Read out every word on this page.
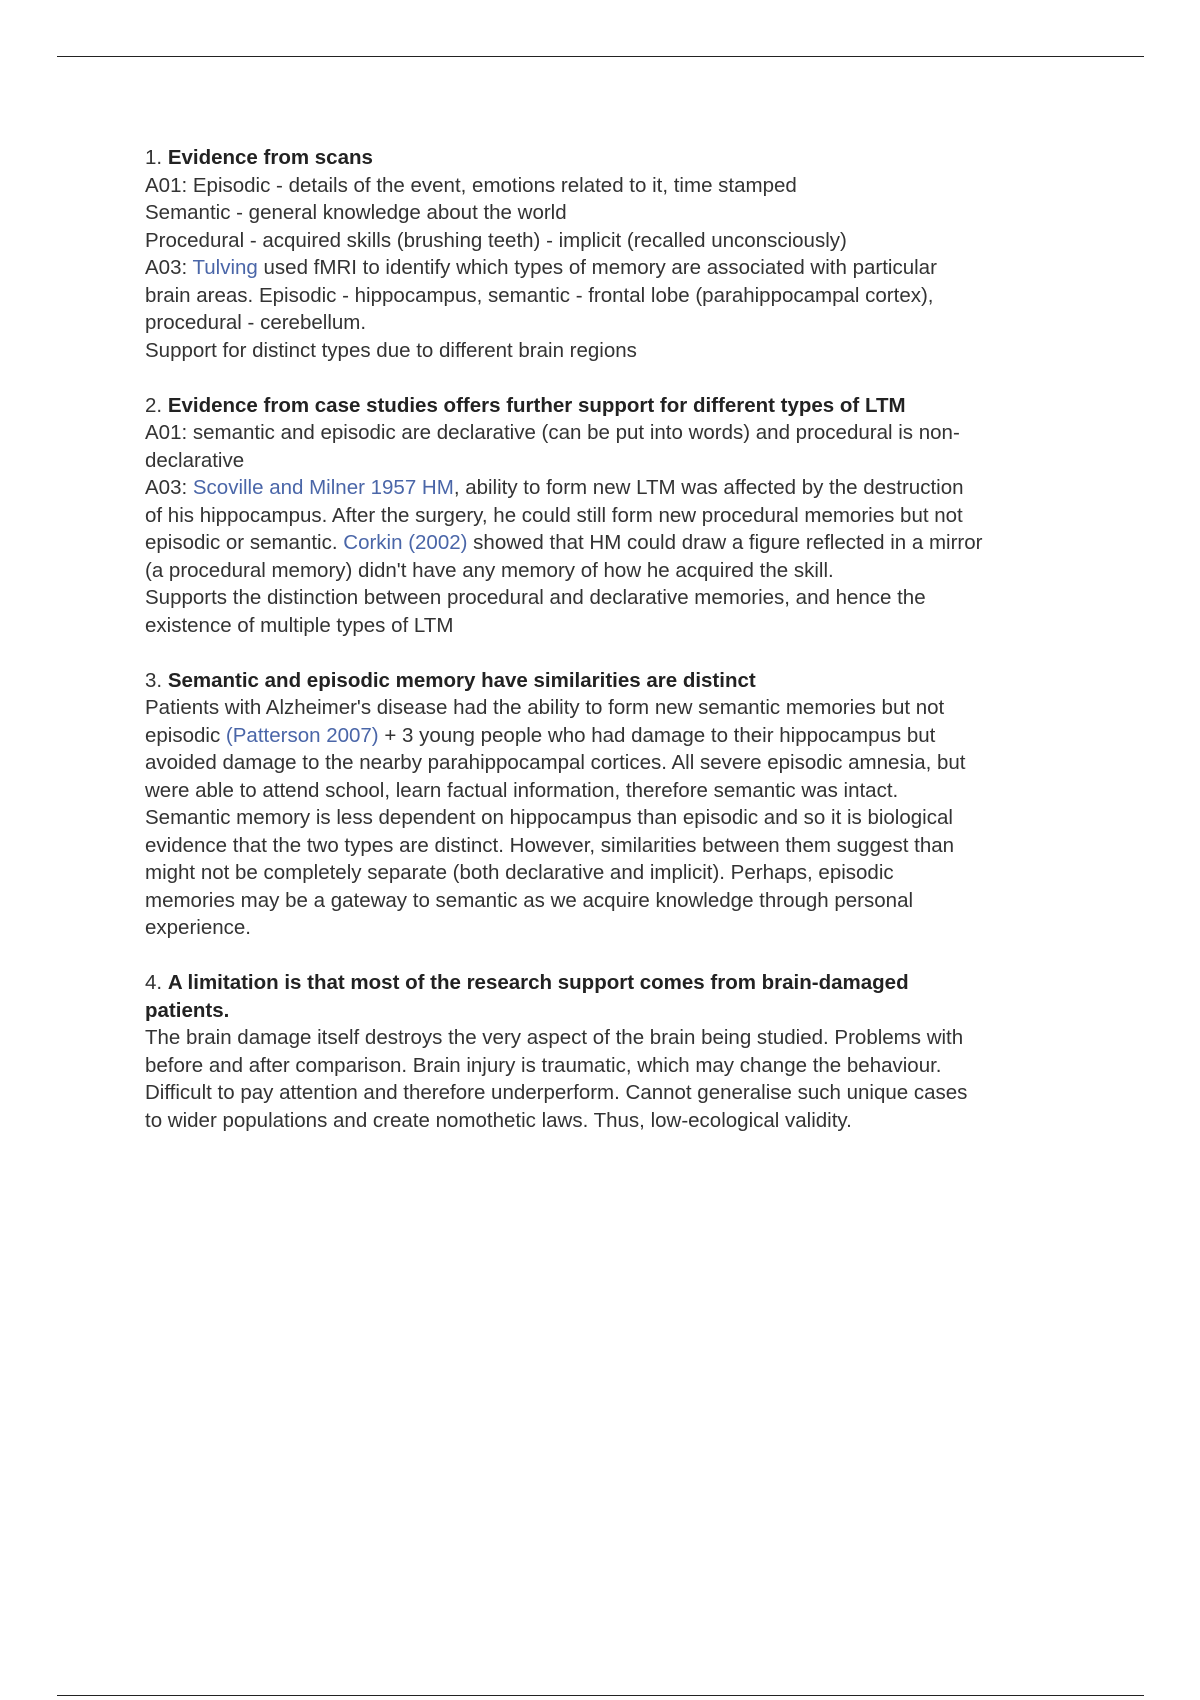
1. Evidence from scans
A01: Episodic - details of the event, emotions related to it, time stamped
Semantic - general knowledge about the world
Procedural - acquired skills (brushing teeth) - implicit (recalled unconsciously)
A03: Tulving used fMRI to identify which types of memory are associated with particular
brain areas. Episodic - hippocampus, semantic - frontal lobe (parahippocampal cortex),
procedural - cerebellum.
Support for distinct types due to different brain regions
2. Evidence from case studies offers further support for different types of LTM
A01: semantic and episodic are declarative (can be put into words) and procedural is non-
declarative
A03: Scoville and Milner 1957 HM, ability to form new LTM was affected by the destruction
of his hippocampus. After the surgery, he could still form new procedural memories but not
episodic or semantic. Corkin (2002) showed that HM could draw a figure reflected in a mirror
(a procedural memory) didn't have any memory of how he acquired the skill.
Supports the distinction between procedural and declarative memories, and hence the
existence of multiple types of LTM
3. Semantic and episodic memory have similarities are distinct
Patients with Alzheimer's disease had the ability to form new semantic memories but not
episodic (Patterson 2007) + 3 young people who had damage to their hippocampus but
avoided damage to the nearby parahippocampal cortices. All severe episodic amnesia, but
were able to attend school, learn factual information, therefore semantic was intact.
Semantic memory is less dependent on hippocampus than episodic and so it is biological
evidence that the two types are distinct. However, similarities between them suggest than
might not be completely separate (both declarative and implicit). Perhaps, episodic
memories may be a gateway to semantic as we acquire knowledge through personal
experience.
4. A limitation is that most of the research support comes from brain-damaged
patients.
The brain damage itself destroys the very aspect of the brain being studied. Problems with
before and after comparison. Brain injury is traumatic, which may change the behaviour.
Difficult to pay attention and therefore underperform. Cannot generalise such unique cases
to wider populations and create nomothetic laws. Thus, low-ecological validity.
